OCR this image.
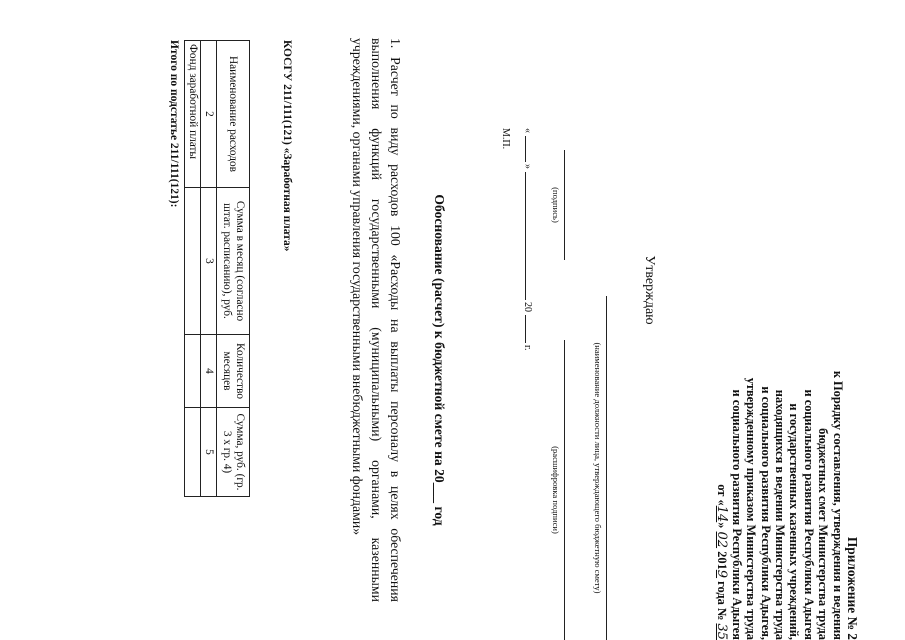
Приложение № 2
к Порядку составления, утверждения и ведения
бюджетных смет Министерства труда
и социального развития Республики Адыгея
и государственных казенных учреждений,
находящихся в ведении Министерства труда
и социального развития Республики Адыгея,
утвержденному приказом Министерства труда
и социального развития Республики Адыгея
от «14» 02 2019 года № 35
Утверждаю
(наименование должности лица, утверждающего бюджетную смету)
(расшифровка подписи)
(подпись)
«  »  20  г.
М.П.
Обоснование (расчет) к бюджетной смете на 20___ год
1. Расчет по виду расходов 100 «Расходы на выплаты персоналу в целях обеспечения выполнения функций государственными (муниципальными) органами, казенными учреждениями, органами управления государственными внебюджетными фондами»
КОСГУ 211/111(121) «Заработная плата»
Наименование расходов	Сумма в месяц (согласно штат. расписанию), руб.	Количество месяцев	Сумма, руб. (гр. 3 х гр. 4)
2	3	4	5
Фонд заработной платы			
Итого по подстатье 211/111(121):
